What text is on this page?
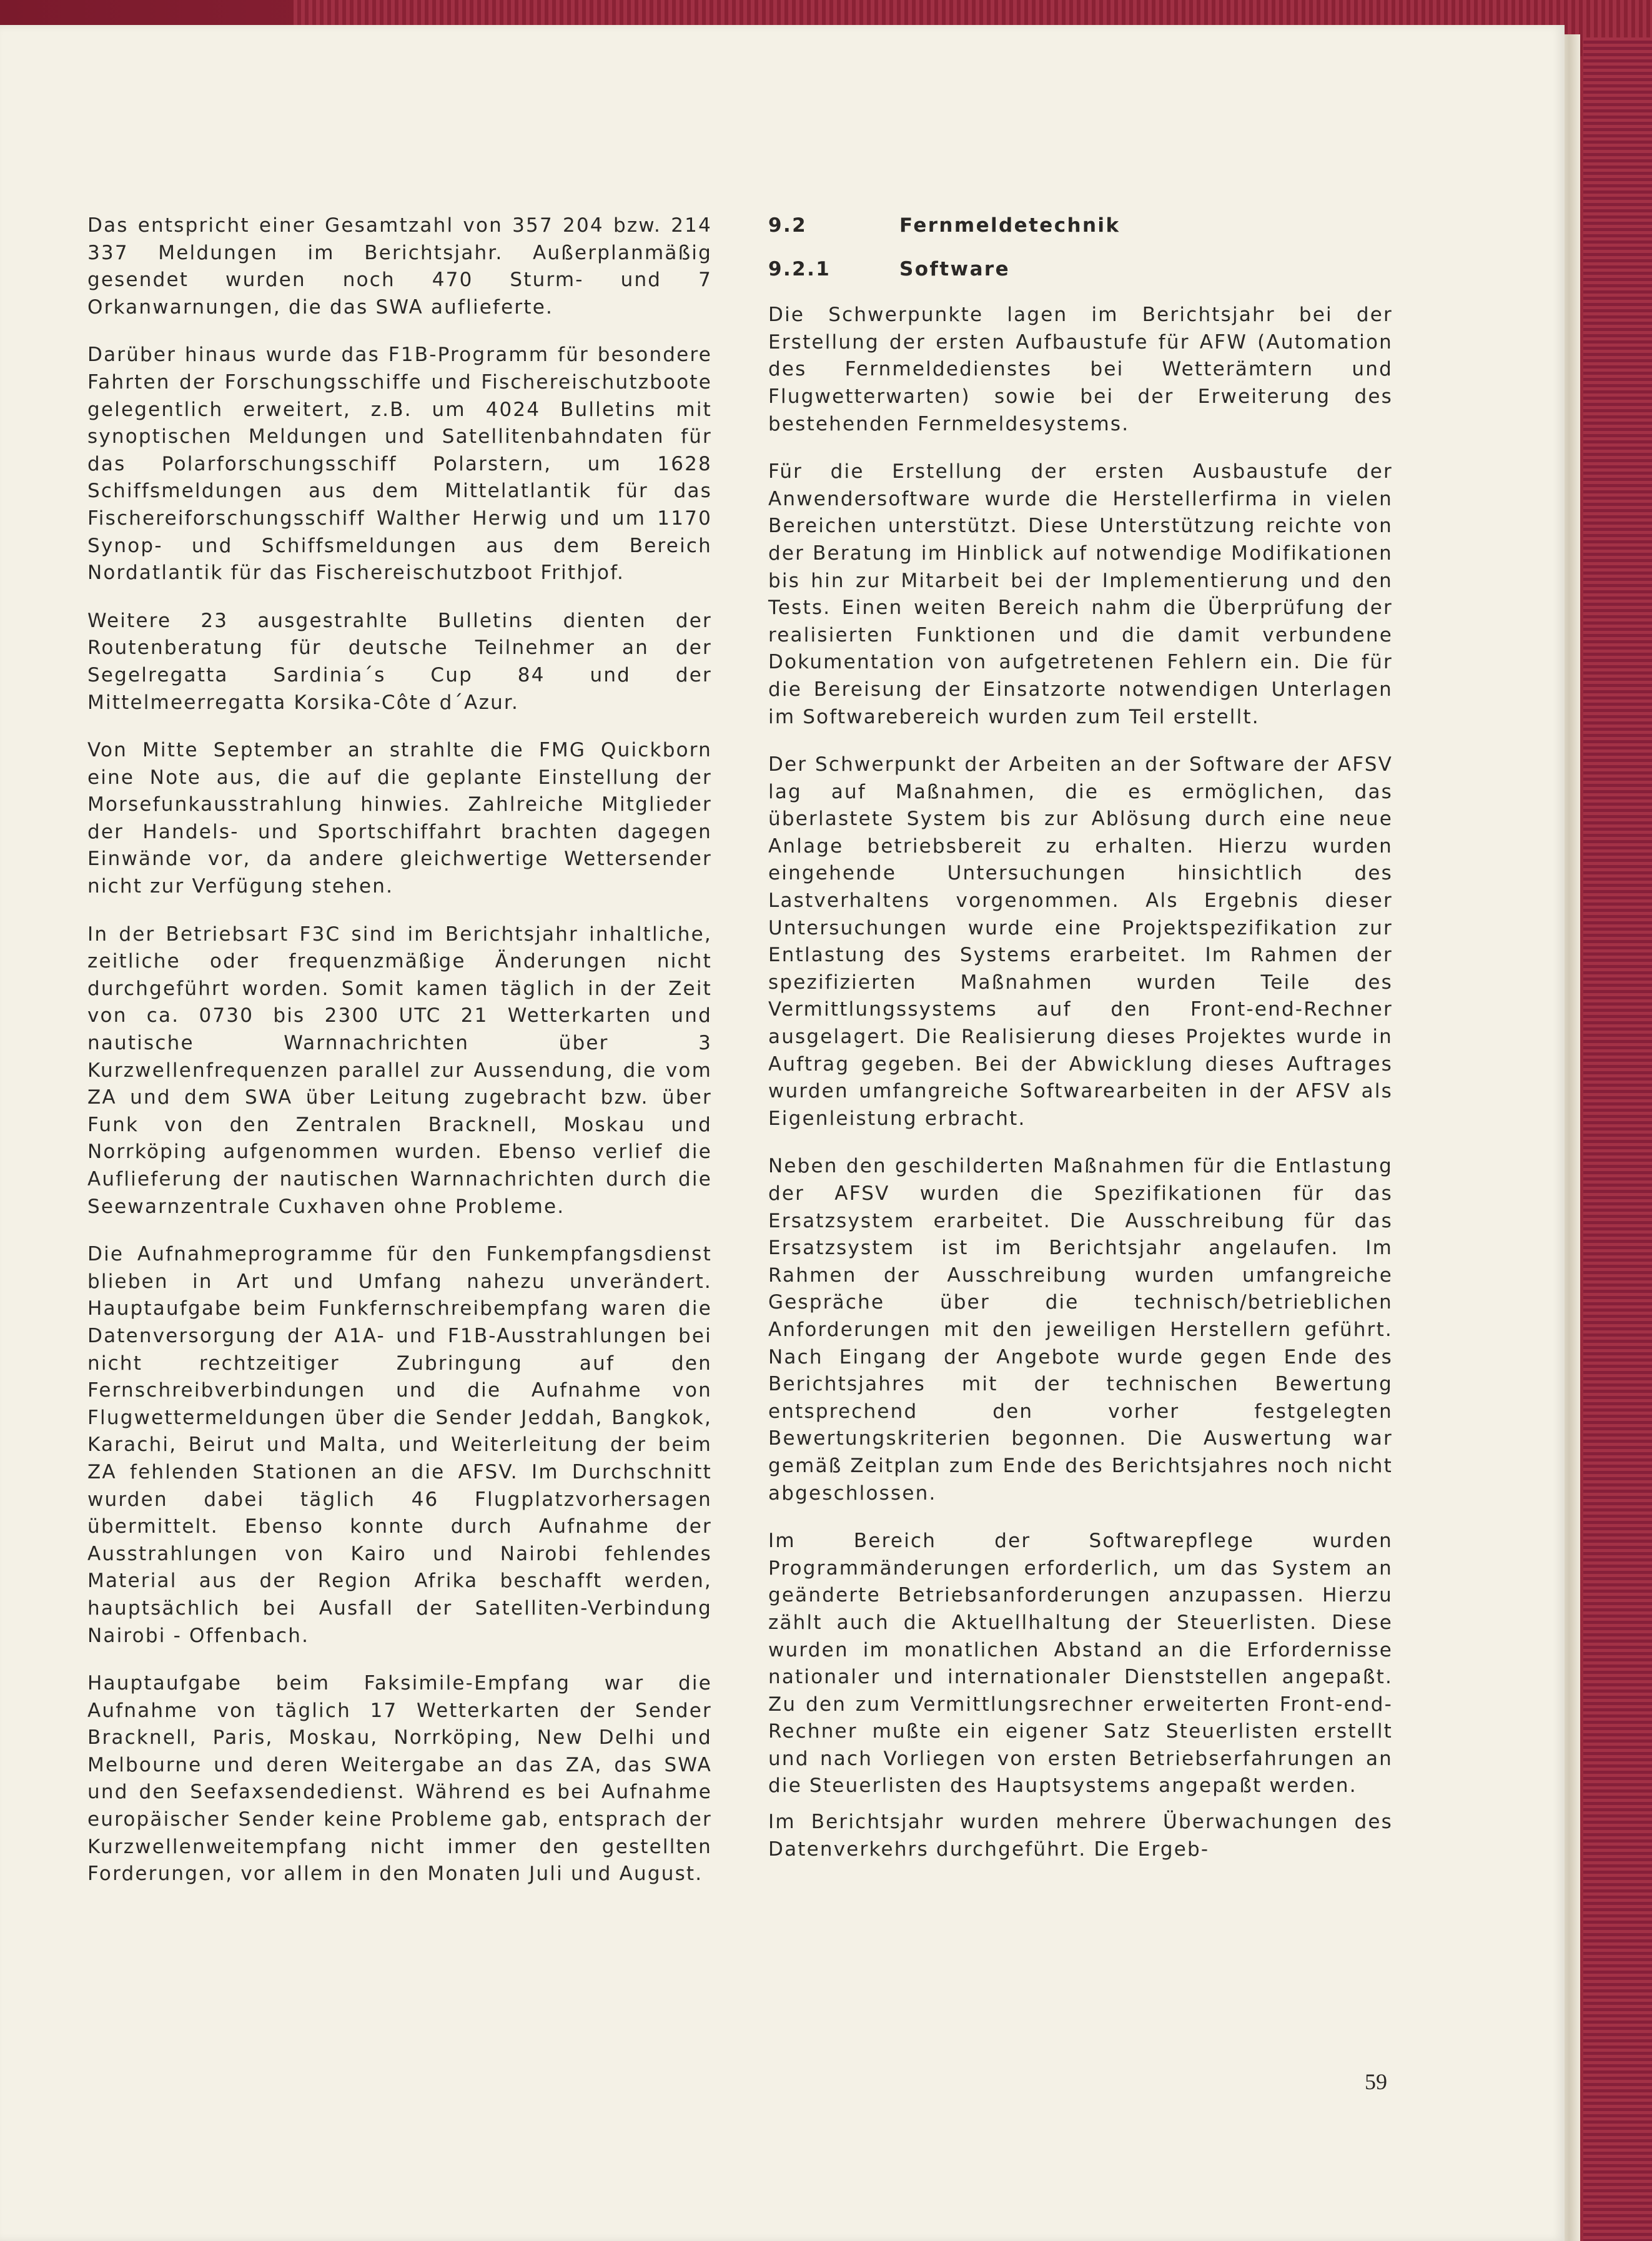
Das entspricht einer Gesamtzahl von 357 204 bzw. 214 337 Meldungen im Berichtsjahr. Außerplanmäßig gesendet wurden noch 470 Sturm- und 7 Orkanwarnungen, die das SWA auflieferte.

Darüber hinaus wurde das F1B-Programm für besondere Fahrten der Forschungsschiffe und Fischereischutzboote gelegentlich erweitert, z.B. um 4024 Bulletins mit synoptischen Meldungen und Satellitenbahndaten für das Polarforschungsschiff Polarstern, um 1628 Schiffsmeldungen aus dem Mittelatlantik für das Fischereiforschungsschiff Walther Herwig und um 1170 Synop- und Schiffsmeldungen aus dem Bereich Nordatlantik für das Fischereischutzboot Frithjof.

Weitere 23 ausgestrahlte Bulletins dienten der Routenberatung für deutsche Teilnehmer an der Segelregatta Sardinia´s Cup 84 und der Mittelmeerregatta Korsika-Côte d´Azur.

Von Mitte September an strahlte die FMG Quickborn eine Note aus, die auf die geplante Einstellung der Morsefunkausstrahlung hinwies. Zahlreiche Mitglieder der Handels- und Sportschiffahrt brachten dagegen Einwände vor, da andere gleichwertige Wettersender nicht zur Verfügung stehen.

In der Betriebsart F3C sind im Berichtsjahr inhaltliche, zeitliche oder frequenzmäßige Änderungen nicht durchgeführt worden. Somit kamen täglich in der Zeit von ca. 0730 bis 2300 UTC 21 Wetterkarten und nautische Warnnachrichten über 3 Kurzwellenfrequenzen parallel zur Aussendung, die vom ZA und dem SWA über Leitung zugebracht bzw. über Funk von den Zentralen Bracknell, Moskau und Norrköping aufgenommen wurden. Ebenso verlief die Auflieferung der nautischen Warnnachrichten durch die Seewarnzentrale Cuxhaven ohne Probleme.

Die Aufnahmeprogramme für den Funkempfangsdienst blieben in Art und Umfang nahezu unverändert. Hauptaufgabe beim Funkfernschreibempfang waren die Datenversorgung der A1A- und F1B-Ausstrahlungen bei nicht rechtzeitiger Zubringung auf den Fernschreibverbindungen und die Aufnahme von Flugwettermeldungen über die Sender Jeddah, Bangkok, Karachi, Beirut und Malta, und Weiterleitung der beim ZA fehlenden Stationen an die AFSV. Im Durchschnitt wurden dabei täglich 46 Flugplatzvorhersagen übermittelt. Ebenso konnte durch Aufnahme der Ausstrahlungen von Kairo und Nairobi fehlendes Material aus der Region Afrika beschafft werden, hauptsächlich bei Ausfall der Satelliten-Verbindung Nairobi - Offenbach.

Hauptaufgabe beim Faksimile-Empfang war die Aufnahme von täglich 17 Wetterkarten der Sender Bracknell, Paris, Moskau, Norrköping, New Delhi und Melbourne und deren Weitergabe an das ZA, das SWA und den Seefaxsendedienst. Während es bei Aufnahme europäischer Sender keine Probleme gab, entsprach der Kurzwellenweitempfang nicht immer den gestellten Forderungen, vor allem in den Monaten Juli und August.

9.2	Fernmeldetechnik
9.2.1	Software

Die Schwerpunkte lagen im Berichtsjahr bei der Erstellung der ersten Aufbaustufe für AFW (Automation des Fernmeldedienstes bei Wetterämtern und Flugwetterwarten) sowie bei der Erweiterung des bestehenden Fernmeldesystems.

Für die Erstellung der ersten Ausbaustufe der Anwendersoftware wurde die Herstellerfirma in vielen Bereichen unterstützt. Diese Unterstützung reichte von der Beratung im Hinblick auf notwendige Modifikationen bis hin zur Mitarbeit bei der Implementierung und den Tests. Einen weiten Bereich nahm die Überprüfung der realisierten Funktionen und die damit verbundene Dokumentation von aufgetretenen Fehlern ein. Die für die Bereisung der Einsatzorte notwendigen Unterlagen im Softwarebereich wurden zum Teil erstellt.

Der Schwerpunkt der Arbeiten an der Software der AFSV lag auf Maßnahmen, die es ermöglichen, das überlastete System bis zur Ablösung durch eine neue Anlage betriebsbereit zu erhalten. Hierzu wurden eingehende Untersuchungen hinsichtlich des Lastverhaltens vorgenommen. Als Ergebnis dieser Untersuchungen wurde eine Projektspezifikation zur Entlastung des Systems erarbeitet. Im Rahmen der spezifizierten Maßnahmen wurden Teile des Vermittlungssystems auf den Front-end-Rechner ausgelagert. Die Realisierung dieses Projektes wurde in Auftrag gegeben. Bei der Abwicklung dieses Auftrages wurden umfangreiche Softwarearbeiten in der AFSV als Eigenleistung erbracht.

Neben den geschilderten Maßnahmen für die Entlastung der AFSV wurden die Spezifikationen für das Ersatzsystem erarbeitet. Die Ausschreibung für das Ersatzsystem ist im Berichtsjahr angelaufen. Im Rahmen der Ausschreibung wurden umfangreiche Gespräche über die technisch/betrieblichen Anforderungen mit den jeweiligen Herstellern geführt. Nach Eingang der Angebote wurde gegen Ende des Berichtsjahres mit der technischen Bewertung entsprechend den vorher festgelegten Bewertungskriterien begonnen. Die Auswertung war gemäß Zeitplan zum Ende des Berichtsjahres noch nicht abgeschlossen.

Im Bereich der Softwarepflege wurden Programmänderungen erforderlich, um das System an geänderte Betriebsanforderungen anzupassen. Hierzu zählt auch die Aktuellhaltung der Steuerlisten. Diese wurden im monatlichen Abstand an die Erfordernisse nationaler und internationaler Dienststellen angepaßt. Zu den zum Vermittlungsrechner erweiterten Front-end-Rechner mußte ein eigener Satz Steuerlisten erstellt und nach Vorliegen von ersten Betriebserfahrungen an die Steuerlisten des Hauptsystems angepaßt werden.

Im Berichtsjahr wurden mehrere Überwachungen des Datenverkehrs durchgeführt. Die Ergeb-

59
